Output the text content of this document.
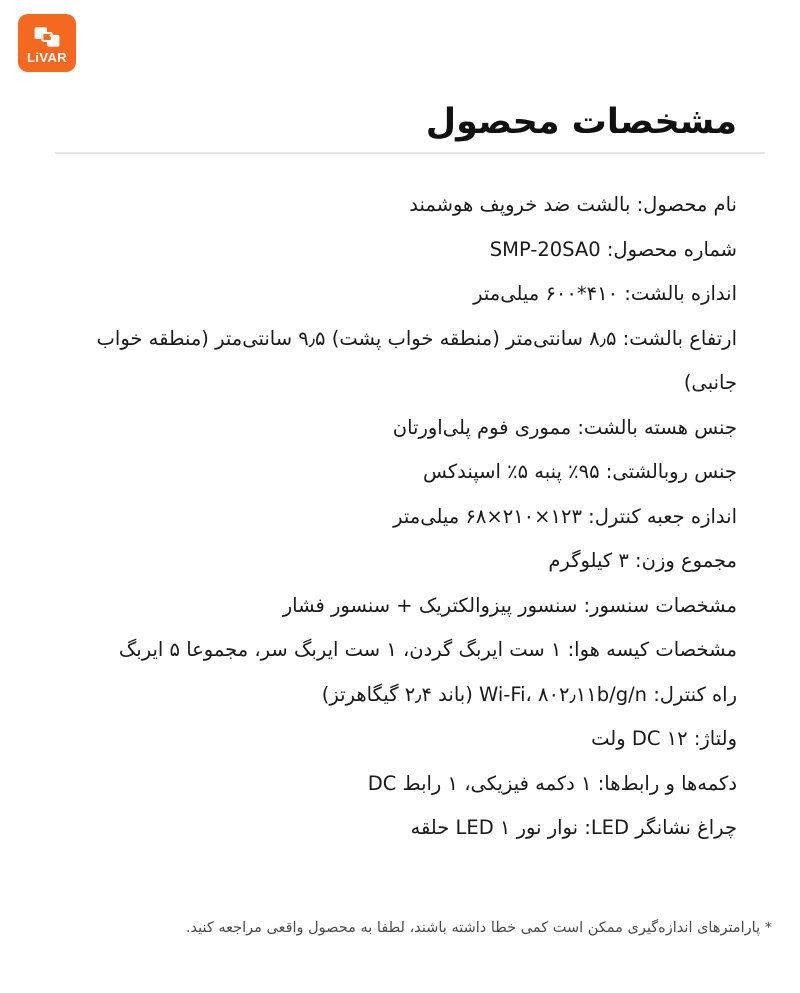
LiVAR
مشخصات محصول
نام محصول: بالشت ضد خروپف هوشمند
شماره محصول: SMP-20SA0
اندازه بالشت: ۴۱۰*۶۰۰ میلی‌متر
ارتفاع بالشت: ۸٫۵ سانتی‌متر (منطقه خواب پشت) ۹٫۵ سانتی‌متر (منطقه خواب جانبی)
جنس هسته بالشت: مموری فوم پلی‌اورتان
جنس روبالشتی: ۹۵٪ پنبه ۵٪ اسپندکس
اندازه جعبه کنترل: ۱۲۳×۲۱۰×۶۸ میلی‌متر
مجموع وزن: ۳ کیلوگرم
مشخصات سنسور: سنسور پیزوالکتریک + سنسور فشار
مشخصات کیسه هوا: ۱ ست ایربگ گردن، ۱ ست ایربگ سر، مجموعا ۵ ایربگ
راه کنترل: Wi-Fi، ۸۰۲٫۱۱b/g/n (باند ۲٫۴ گیگاهرتز)
ولتاژ: DC ۱۲ ولت
دکمه‌ها و رابط‌ها: ۱ دکمه فیزیکی، ۱ رابط DC
چراغ نشانگر LED: نوار نور LED ۱ حلقه

* پارامترهای اندازه‌گیری ممکن است کمی خطا داشته باشند، لطفا به محصول واقعی مراجعه کنید.
